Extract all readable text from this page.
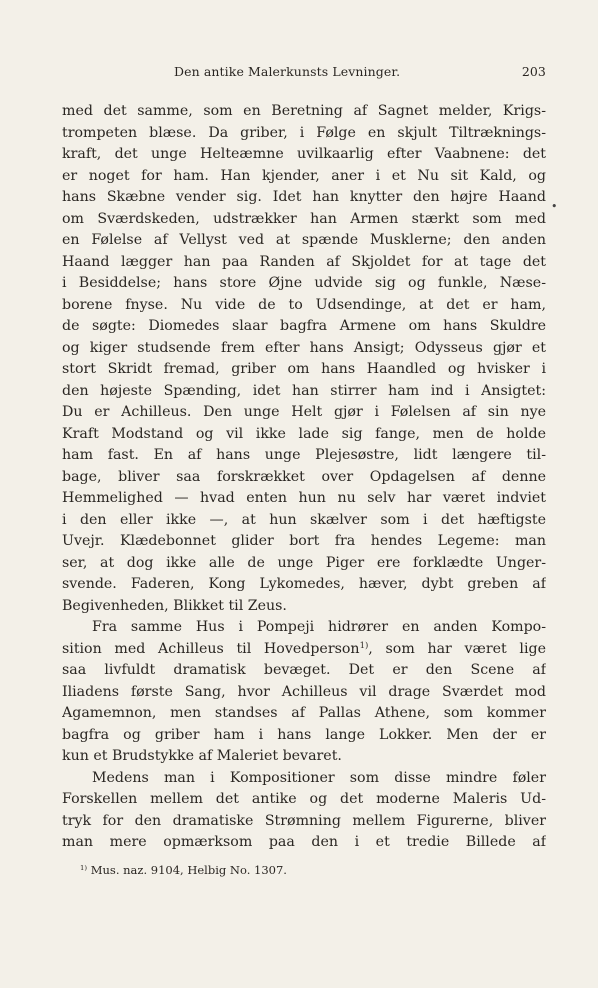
Den antike Malerkunsts Levninger.	203
•
med det samme, som en Beretning af Sagnet melder, Krigs-
trompeten blæse. Da griber, i Følge en skjult Tiltræknings-
kraft, det unge Helteæmne uvilkaarlig efter Vaabnene: det
er noget for ham. Han kjender, aner i et Nu sit Kald, og
hans Skæbne vender sig. Idet han knytter den højre Haand
om Sværdskeden, udstrækker han Armen stærkt som med
en Følelse af Vellyst ved at spænde Musklerne; den anden
Haand lægger han paa Randen af Skjoldet for at tage det
i Besiddelse; hans store Øjne udvide sig og funkle, Næse-
borene fnyse. Nu vide de to Udsendinge, at det er ham,
de søgte: Diomedes slaar bagfra Armene om hans Skuldre
og kiger studsende frem efter hans Ansigt; Odysseus gjør et
stort Skridt fremad, griber om hans Haandled og hvisker i
den højeste Spænding, idet han stirrer ham ind i Ansigtet:
Du er Achilleus. Den unge Helt gjør i Følelsen af sin nye
Kraft Modstand og vil ikke lade sig fange, men de holde
ham fast. En af hans unge Plejesøstre, lidt længere til-
bage, bliver saa forskrækket over Opdagelsen af denne
Hemmelighed — hvad enten hun nu selv har været indviet
i den eller ikke —, at hun skælver som i det hæftigste
Uvejr. Klædebonnet glider bort fra hendes Legeme: man
ser, at dog ikke alle de unge Piger ere forklædte Unger-
svende. Faderen, Kong Lykomedes, hæver, dybt greben af
Begivenheden, Blikket til Zeus.
Fra samme Hus i Pompeji hidrører en anden Kompo-
sition med Achilleus til Hovedperson$^{1)}$, som har været lige
saa livfuldt dramatisk bevæget. Det er den Scene af
Iliadens første Sang, hvor Achilleus vil drage Sværdet mod
Agamemnon, men standses af Pallas Athene, som kommer
bagfra og griber ham i hans lange Lokker. Men der er
kun et Brudstykke af Maleriet bevaret.
Medens man i Kompositioner som disse mindre føler
Forskellen mellem det antike og det moderne Maleris Ud-
tryk for den dramatiske Strømning mellem Figurerne, bliver
man mere opmærksom paa den i et tredie Billede af
$^{1)}$ Mus. naz. 9104, Helbig No. 1307.
